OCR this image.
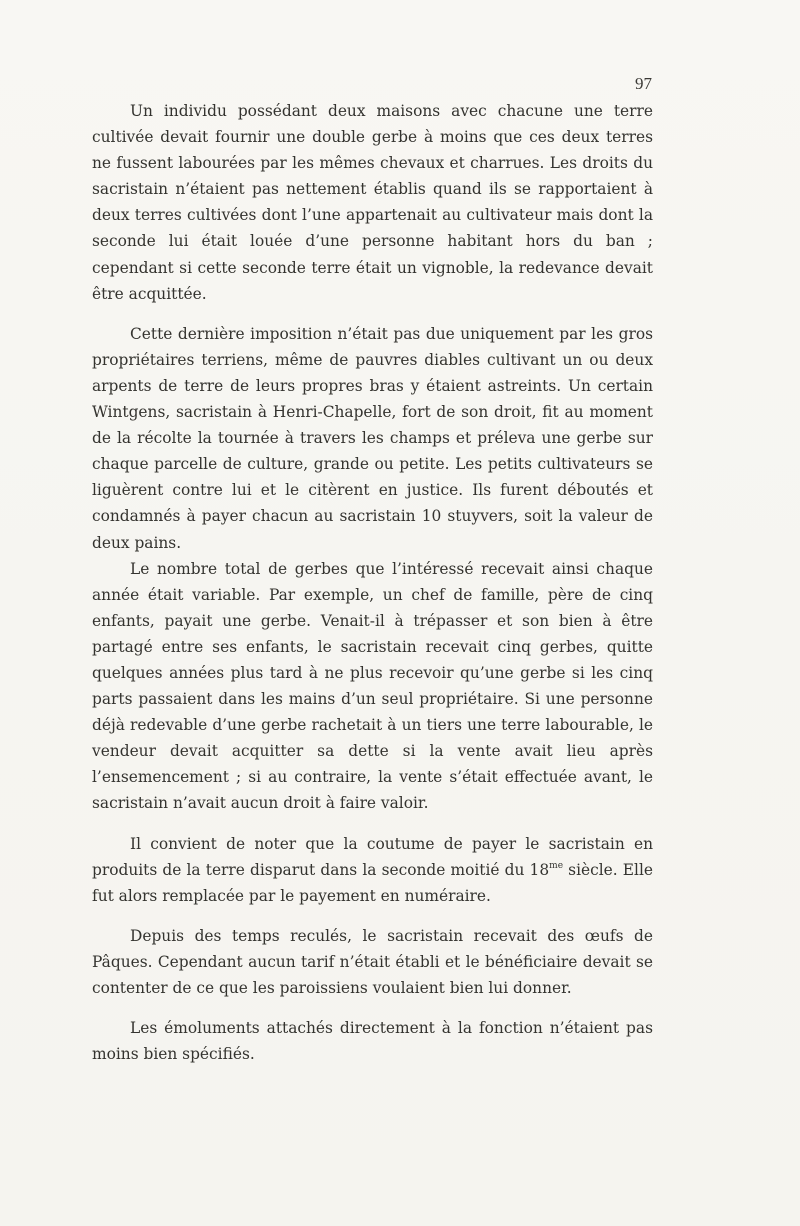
97

Un individu possédant deux maisons avec chacune une terre cultivée devait fournir une double gerbe à moins que ces deux terres ne fussent labourées par les mêmes chevaux et charrues. Les droits du sacristain n’étaient pas nettement établis quand ils se rapportaient à deux terres cultivées dont l’une appartenait au cultivateur mais dont la seconde lui était louée d’une personne habitant hors du ban ; cependant si cette seconde terre était un vignoble, la redevance devait être acquittée.

Cette dernière imposition n’était pas due uniquement par les gros propriétaires terriens, même de pauvres diables cultivant un ou deux arpents de terre de leurs propres bras y étaient astreints. Un certain Wintgens, sacristain à Henri-Chapelle, fort de son droit, fit au moment de la récolte la tournée à travers les champs et préleva une gerbe sur chaque parcelle de culture, grande ou petite. Les petits cultivateurs se liguèrent contre lui et le citèrent en justice. Ils furent déboutés et condamnés à payer chacun au sacristain 10 stuyvers, soit la valeur de deux pains.

Le nombre total de gerbes que l’intéressé recevait ainsi chaque année était variable. Par exemple, un chef de famille, père de cinq enfants, payait une gerbe. Venait-il à trépasser et son bien à être partagé entre ses enfants, le sacristain recevait cinq gerbes, quitte quelques années plus tard à ne plus recevoir qu’une gerbe si les cinq parts passaient dans les mains d’un seul propriétaire. Si une personne déjà redevable d’une gerbe rachetait à un tiers une terre labourable, le vendeur devait acquitter sa dette si la vente avait lieu après l’ensemencement ; si au contraire, la vente s’était effectuée avant, le sacristain n’avait aucun droit à faire valoir.

Il convient de noter que la coutume de payer le sacristain en produits de la terre disparut dans la seconde moitié du $18^{me}$ siècle. Elle fut alors remplacée par le payement en numéraire.

Depuis des temps reculés, le sacristain recevait des œufs de Pâques. Cependant aucun tarif n’était établi et le bénéficiaire devait se contenter de ce que les paroissiens voulaient bien lui donner.

Les émoluments attachés directement à la fonction n’étaient pas moins bien spécifiés.
